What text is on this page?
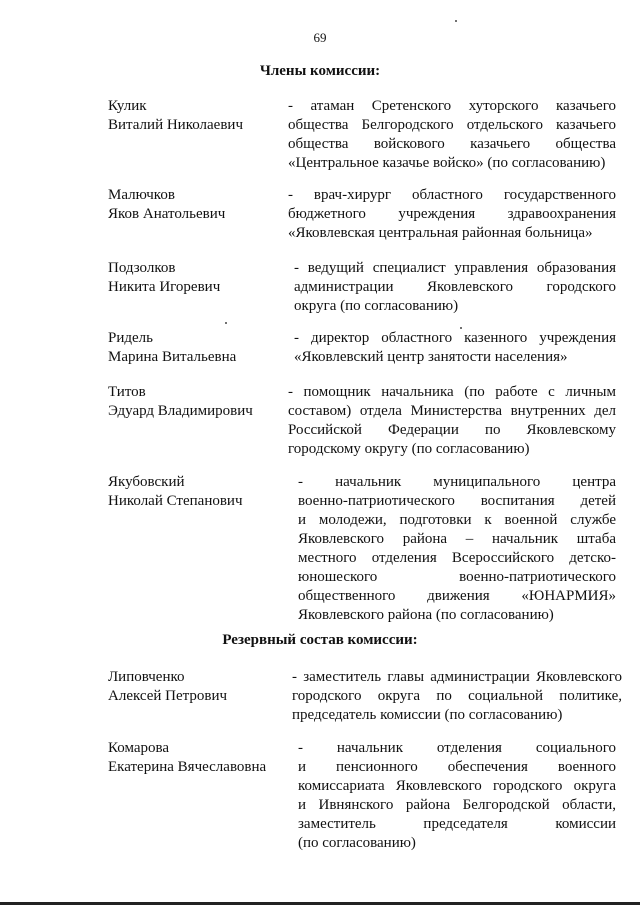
69
Члены комиссии:
Кулик
Виталий Николаевич
- атаман Сретенского хуторского казачьего
общества Белгородского отдельского казачьего
общества войскового казачьего общества
«Центральное казачье войско» (по согласованию)
Малючков
Яков Анатольевич
- врач-хирург областного государственного
бюджетного учреждения здравоохранения
«Яковлевская центральная районная больница»
Подзолков
Никита Игоревич
- ведущий специалист управления образования
администрации Яковлевского городского
округа (по согласованию)
Ридель
Марина Витальевна
- директор областного казенного учреждения
«Яковлевский центр занятости населения»
Титов
Эдуард Владимирович
- помощник начальника (по работе с личным
составом) отдела Министерства внутренних дел
Российской Федерации по Яковлевскому
городскому округу (по согласованию)
Якубовский
Николай Степанович
- начальник муниципального центра
военно-патриотического воспитания детей
и молодежи, подготовки к военной службе
Яковлевского района – начальник штаба
местного отделения Всероссийского детско-
юношеского военно-патриотического
общественного движения «ЮНАРМИЯ»
Яковлевского района (по согласованию)
Резервный состав комиссии:
Липовченко
Алексей Петрович
- заместитель главы администрации Яковлевского
городского округа по социальной политике,
председатель комиссии (по согласованию)
Комарова
Екатерина Вячеславовна
- начальник отделения социального
и пенсионного обеспечения военного
комиссариата Яковлевского городского округа
и Ивнянского района Белгородской области,
заместитель председателя комиссии
(по согласованию)
